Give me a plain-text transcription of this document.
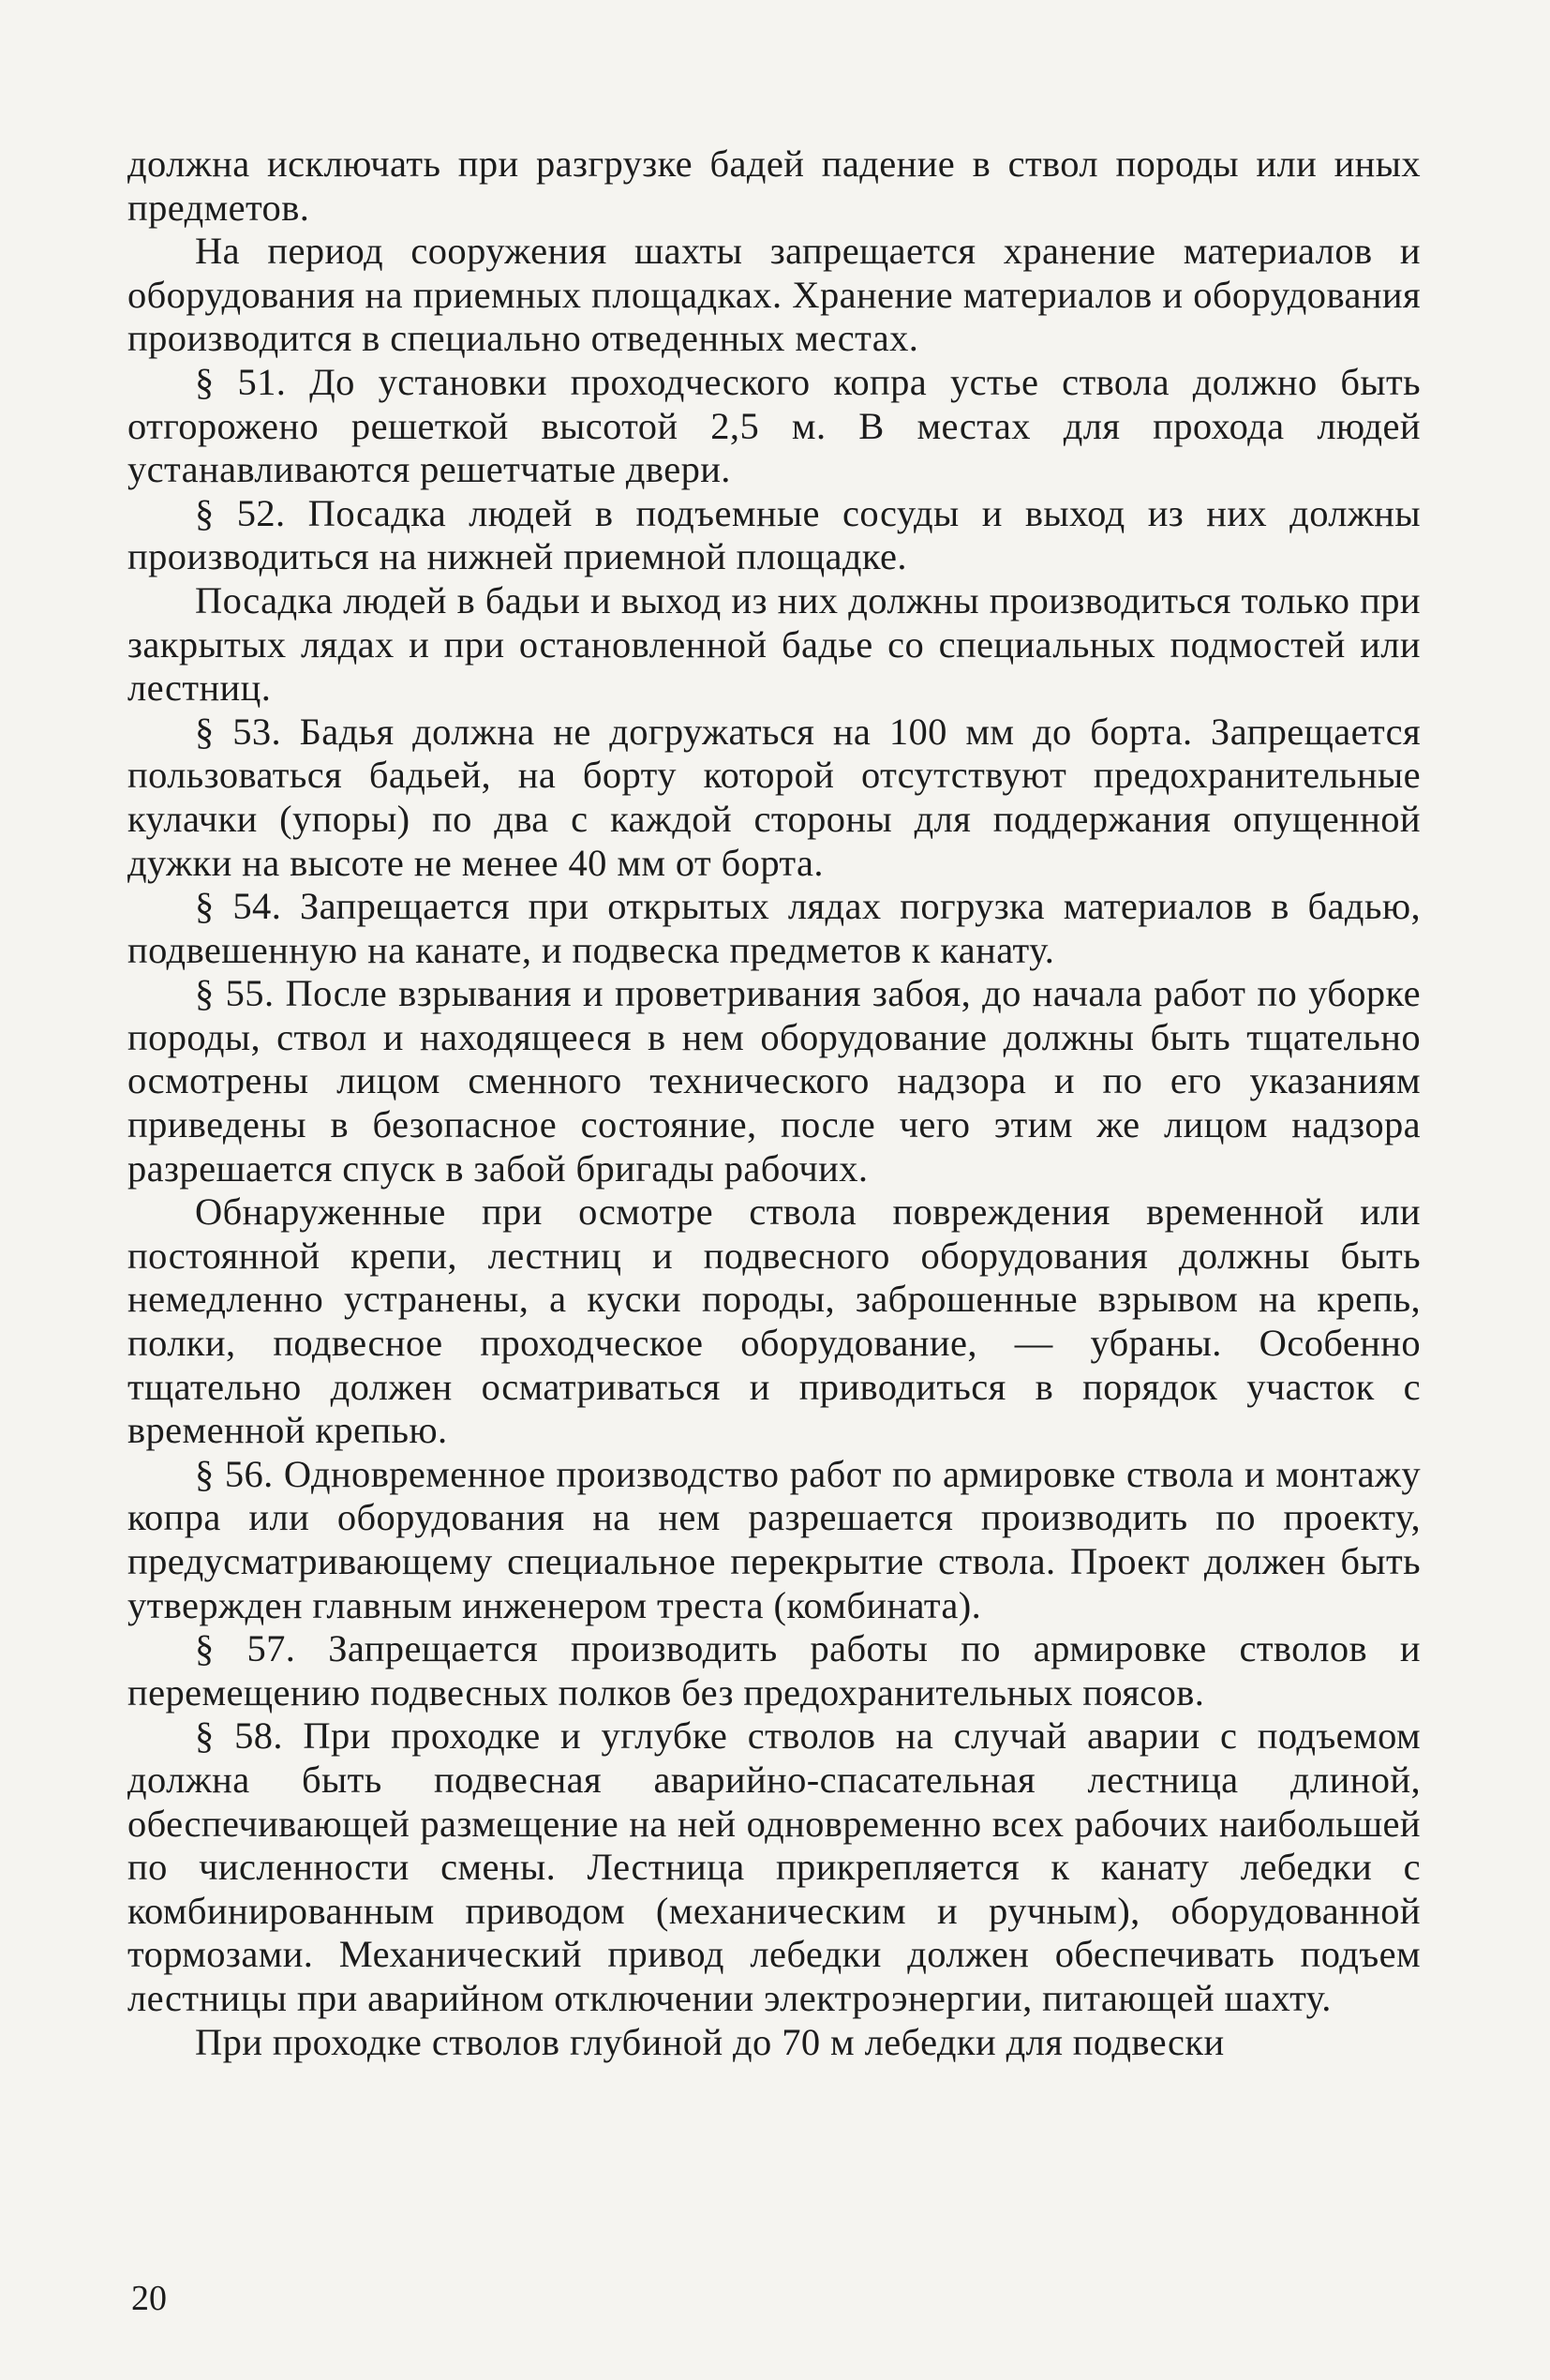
должна исключать при разгрузке бадей падение в ствол породы или иных предметов.

На период сооружения шахты запрещается хранение материалов и оборудования на приемных площадках. Хранение материалов и оборудования производится в специально отведенных местах.

§ 51. До установки проходческого копра устье ствола должно быть отгорожено решеткой высотой 2,5 м. В местах для прохода людей устанавливаются решетчатые двери.

§ 52. Посадка людей в подъемные сосуды и выход из них должны производиться на нижней приемной площадке.

Посадка людей в бадьи и выход из них должны производиться только при закрытых лядах и при остановленной бадье со специальных подмостей или лестниц.

§ 53. Бадья должна не догружаться на 100 мм до борта. Запрещается пользоваться бадьей, на борту которой отсутствуют предохранительные кулачки (упоры) по два с каждой стороны для поддержания опущенной дужки на высоте не менее 40 мм от борта.

§ 54. Запрещается при открытых лядах погрузка материалов в бадью, подвешенную на канате, и подвеска предметов к канату.

§ 55. После взрывания и проветривания забоя, до начала работ по уборке породы, ствол и находящееся в нем оборудование должны быть тщательно осмотрены лицом сменного технического надзора и по его указаниям приведены в безопасное состояние, после чего этим же лицом надзора разрешается спуск в забой бригады рабочих.

Обнаруженные при осмотре ствола повреждения временной или постоянной крепи, лестниц и подвесного оборудования должны быть немедленно устранены, а куски породы, заброшенные взрывом на крепь, полки, подвесное проходческое оборудование, — убраны. Особенно тщательно должен осматриваться и приводиться в порядок участок с временной крепью.

§ 56. Одновременное производство работ по армировке ствола и монтажу копра или оборудования на нем разрешается производить по проекту, предусматривающему специальное перекрытие ствола. Проект должен быть утвержден главным инженером треста (комбината).

§ 57. Запрещается производить работы по армировке стволов и перемещению подвесных полков без предохранительных поясов.

§ 58. При проходке и углубке стволов на случай аварии с подъемом должна быть подвесная аварийно-спасательная лестница длиной, обеспечивающей размещение на ней одновременно всех рабочих наибольшей по численности смены. Лестница прикрепляется к канату лебедки с комбинированным приводом (механическим и ручным), оборудованной тормозами. Механический привод лебедки должен обеспечивать подъем лестницы при аварийном отключении электроэнергии, питающей шахту.

При проходке стволов глубиной до 70 м лебедки для подвески

20
